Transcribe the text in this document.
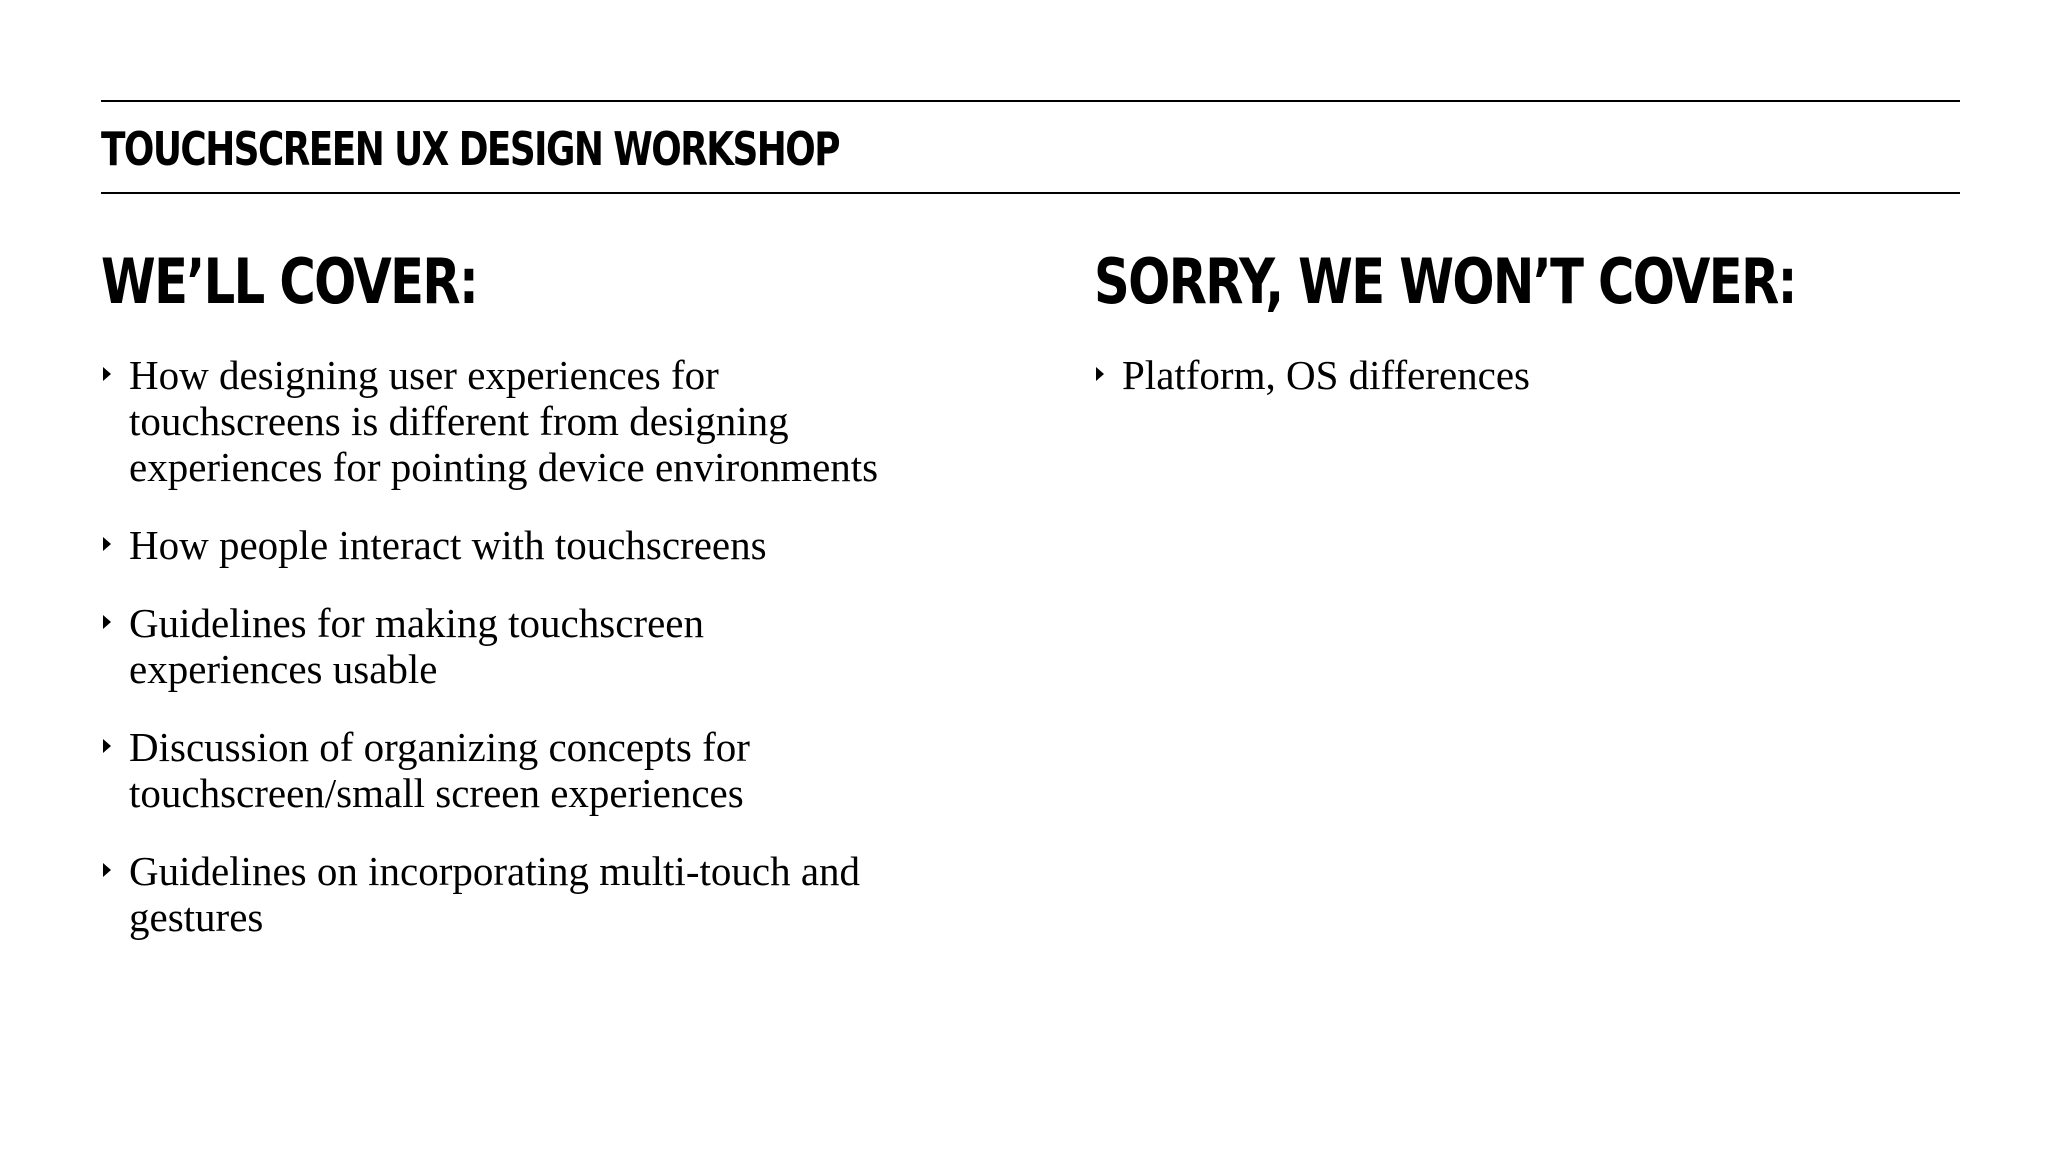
TOUCHSCREEN UX DESIGN WORKSHOP
WE’LL COVER:
How designing user experiences for
touchscreens is different from designing
experiences for pointing device environments
How people interact with touchscreens
Guidelines for making touchscreen
experiences usable
Discussion of organizing concepts for
touchscreen/small screen experiences
Guidelines on incorporating multi-touch and
gestures
SORRY, WE WON’T COVER:
Platform, OS differences
